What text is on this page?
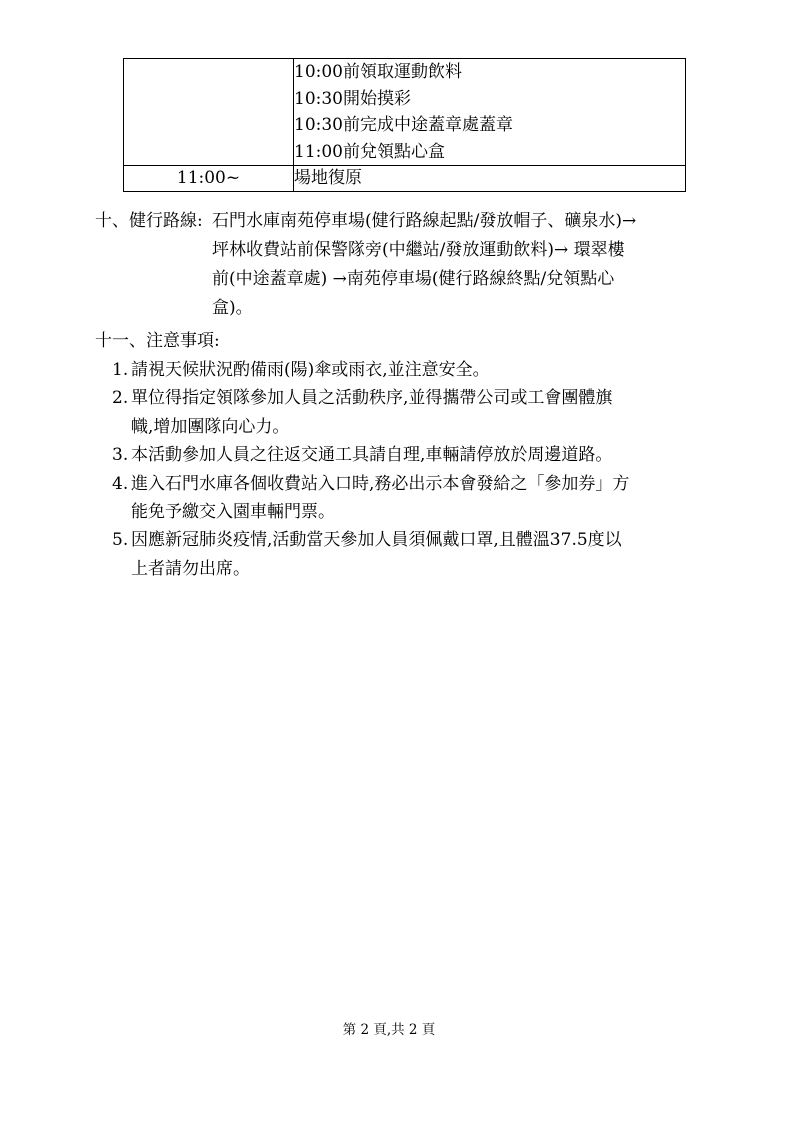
	10:00前領取運動飲料
10:30開始摸彩
10:30前完成中途蓋章處蓋章
11:00前兌領點心盒

11:00~	場地復原
十、健行路線: 石門水庫南苑停車場(健行路線起點/發放帽子、礦泉水)→
坪林收費站前保警隊旁(中繼站/發放運動飲料)→ 環翠樓
前(中途蓋章處) →南苑停車場(健行路線終點/兌領點心
盒)。
十一、注意事項:
1. 請視天候狀況酌備雨(陽)傘或雨衣,並注意安全。
2. 單位得指定領隊參加人員之活動秩序,並得攜帶公司或工會團體旗
幟,增加團隊向心力。
3. 本活動參加人員之往返交通工具請自理,車輛請停放於周邊道路。
4. 進入石門水庫各個收費站入口時,務必出示本會發給之「參加券」方
能免予繳交入園車輛門票。
5. 因應新冠肺炎疫情,活動當天參加人員須佩戴口罩,且體溫37.5度以
上者請勿出席。
第 2 頁,共 2 頁
